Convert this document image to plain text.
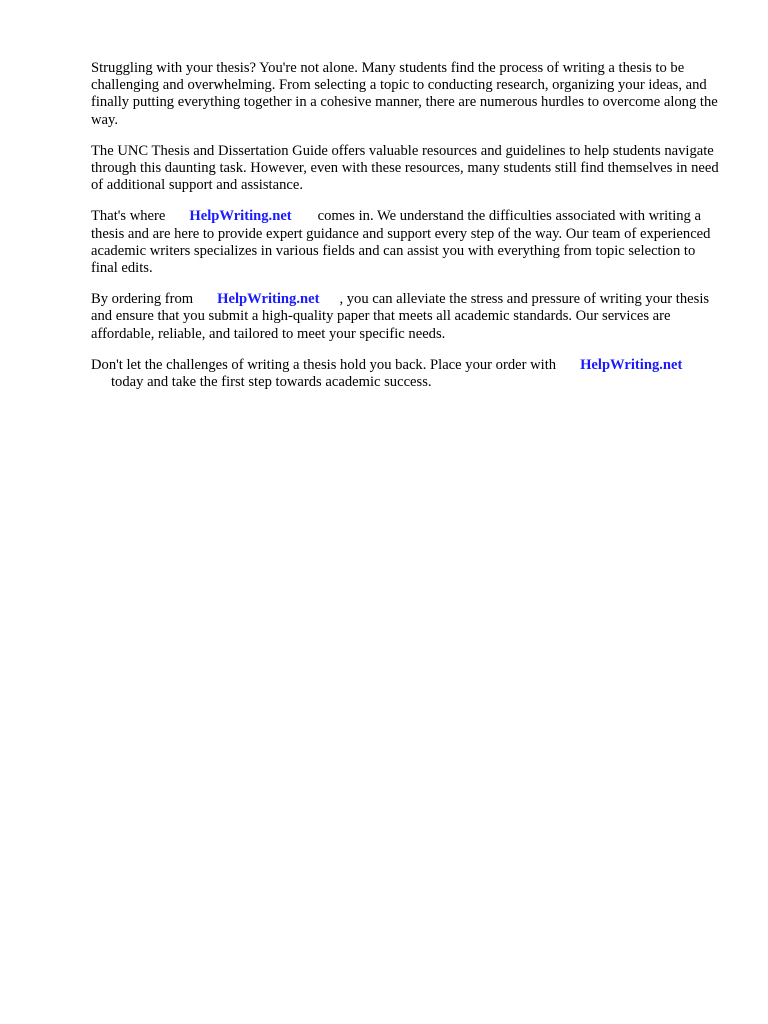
Struggling with your thesis? You're not alone. Many students find the process of writing a thesis to be challenging and overwhelming. From selecting a topic to conducting research, organizing your ideas, and finally putting everything together in a cohesive manner, there are numerous hurdles to overcome along the way.

The UNC Thesis and Dissertation Guide offers valuable resources and guidelines to help students navigate through this daunting task. However, even with these resources, many students still find themselves in need of additional support and assistance.

That's where HelpWriting.net comes in. We understand the difficulties associated with writing a thesis and are here to provide expert guidance and support every step of the way. Our team of experienced academic writers specializes in various fields and can assist you with everything from topic selection to final edits.

By ordering from HelpWriting.net , you can alleviate the stress and pressure of writing your thesis and ensure that you submit a high-quality paper that meets all academic standards. Our services are affordable, reliable, and tailored to meet your specific needs.

Don't let the challenges of writing a thesis hold you back. Place your order with HelpWriting.net
today and take the first step towards academic success.
